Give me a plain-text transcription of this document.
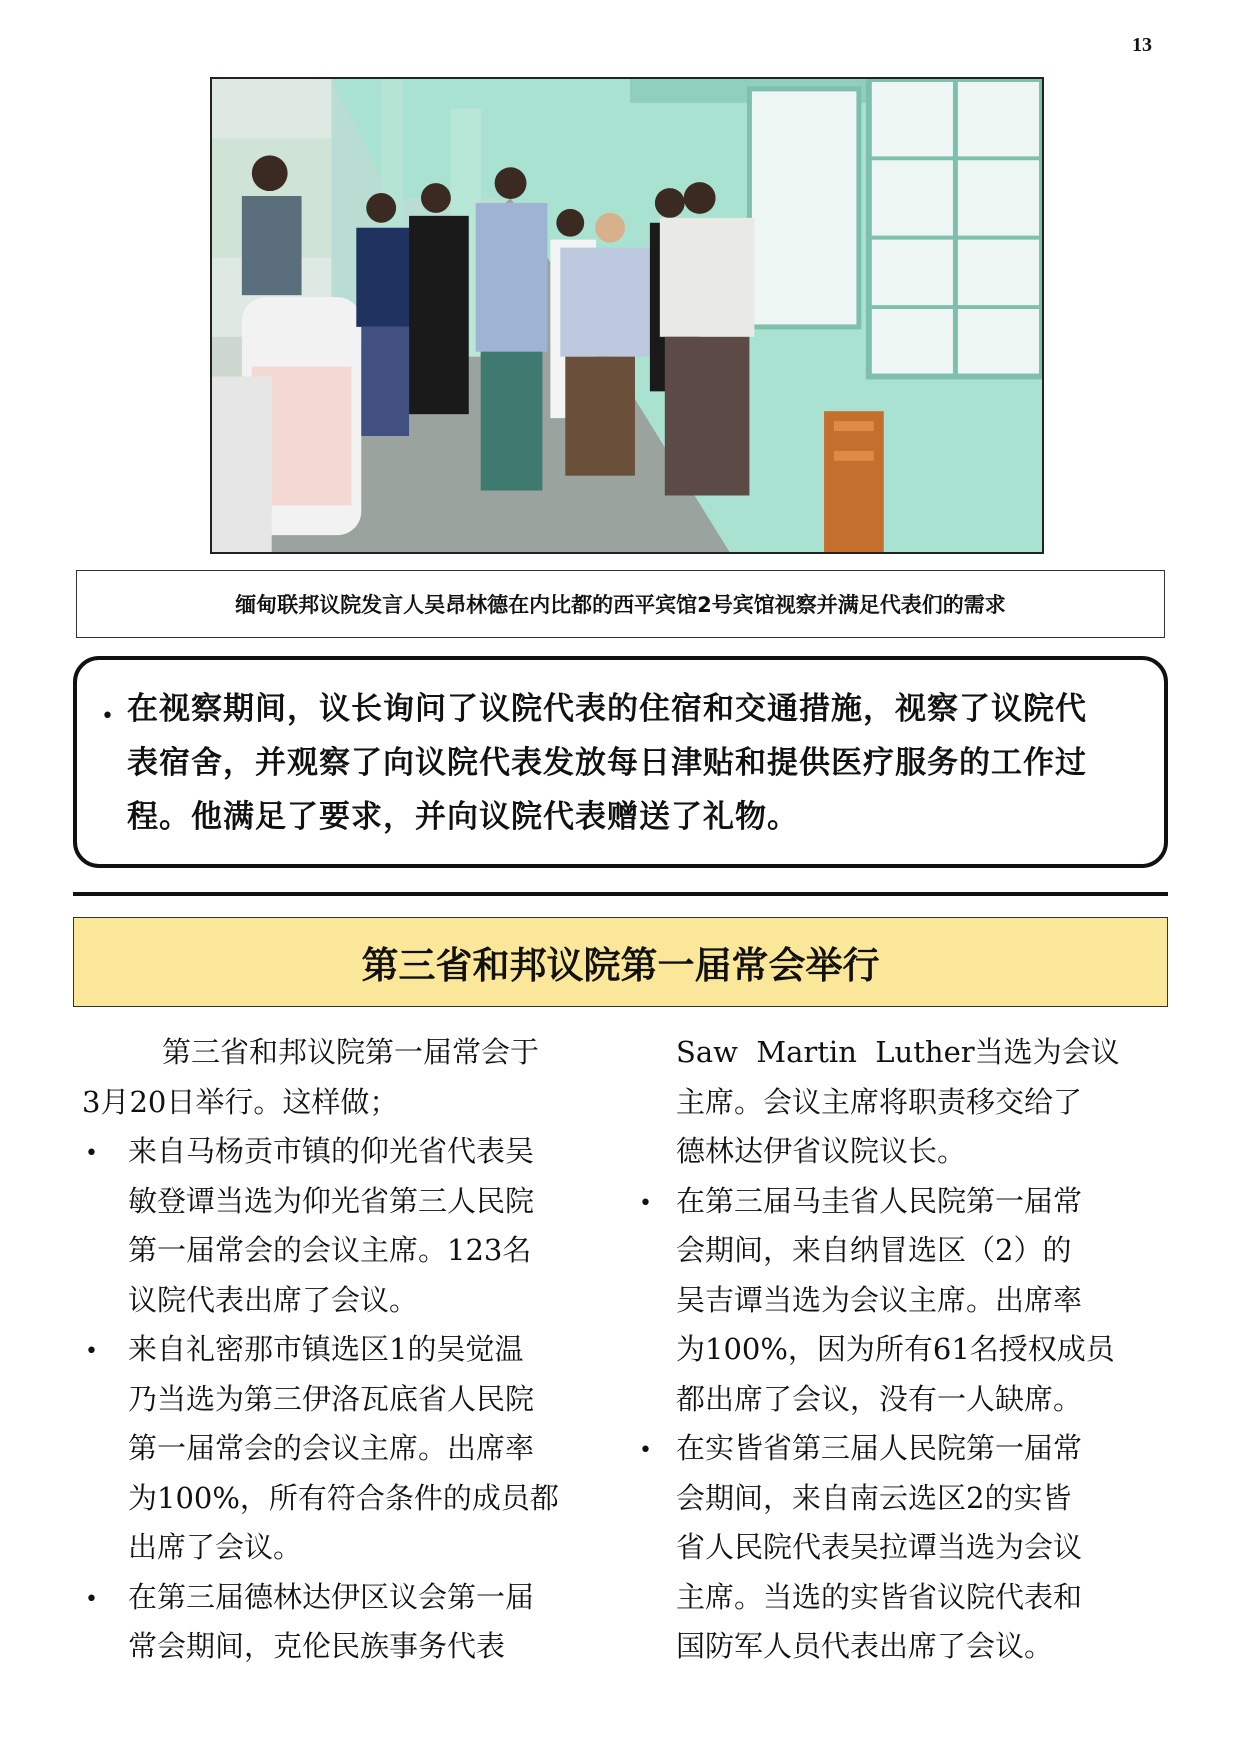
13
缅甸联邦议院发言人吴昂林德在内比都的西平宾馆2号宾馆视察并满足代表们的需求
• 在视察期间，议长询问了议院代表的住宿和交通措施，视察了议院代
表宿舍，并观察了向议院代表发放每日津贴和提供医疗服务的工作过
程。他满足了要求，并向议院代表赠送了礼物。
第三省和邦议院第一届常会举行
第三省和邦议院第一届常会于
3月20日举行。这样做；
• 来自马杨贡市镇的仰光省代表吴
敏登谭当选为仰光省第三人民院
第一届常会的会议主席。123名
议院代表出席了会议。
• 来自礼密那市镇选区1的吴觉温
乃当选为第三伊洛瓦底省人民院
第一届常会的会议主席。出席率
为100%，所有符合条件的成员都
出席了会议。
• 在第三届德林达伊区议会第一届
常会期间，克伦民族事务代表
Saw  Martin  Luther当选为会议
主席。会议主席将职责移交给了
德林达伊省议院议长。
• 在第三届马圭省人民院第一届常
会期间，来自纳冒选区（2）的
吴吉谭当选为会议主席。出席率
为100%，因为所有61名授权成员
都出席了会议，没有一人缺席。
• 在实皆省第三届人民院第一届常
会期间，来自南云选区2的实皆
省人民院代表吴拉谭当选为会议
主席。当选的实皆省议院代表和
国防军人员代表出席了会议。
